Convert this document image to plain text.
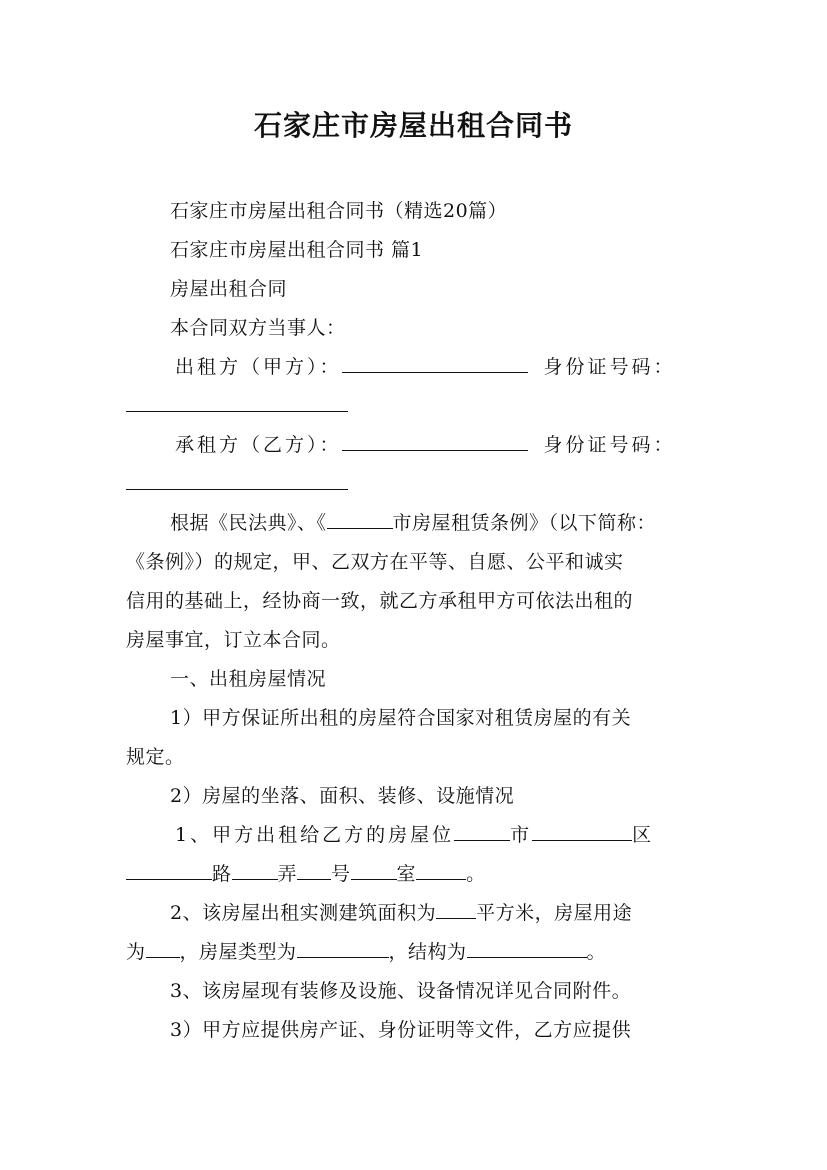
石家庄市房屋出租合同书
石家庄市房屋出租合同书（精选20篇）
石家庄市房屋出租合同书 篇1
房屋出租合同
本合同双方当事人：
出租方（甲方）：	身份证号码：
承租方（乙方）：	身份证号码：
根据《民法典》、《	市房屋租赁条例》（以下简称：
《条例》）的规定，甲、乙双方在平等、自愿、公平和诚实
信用的基础上，经协商一致，就乙方承租甲方可依法出租的
房屋事宜，订立本合同。
一、出租房屋情况
1）甲方保证所出租的房屋符合国家对租赁房屋的有关
规定。
2）房屋的坐落、面积、装修、设施情况
1、甲方出租给乙方的房屋位	市	区
路 弄 号 室	。
2、该房屋出租实测建筑面积为 平方米，房屋用途
为 ，房屋类型为	，结构为	。
3、该房屋现有装修及设施、设备情况详见合同附件。
3）甲方应提供房产证、身份证明等文件，乙方应提供
